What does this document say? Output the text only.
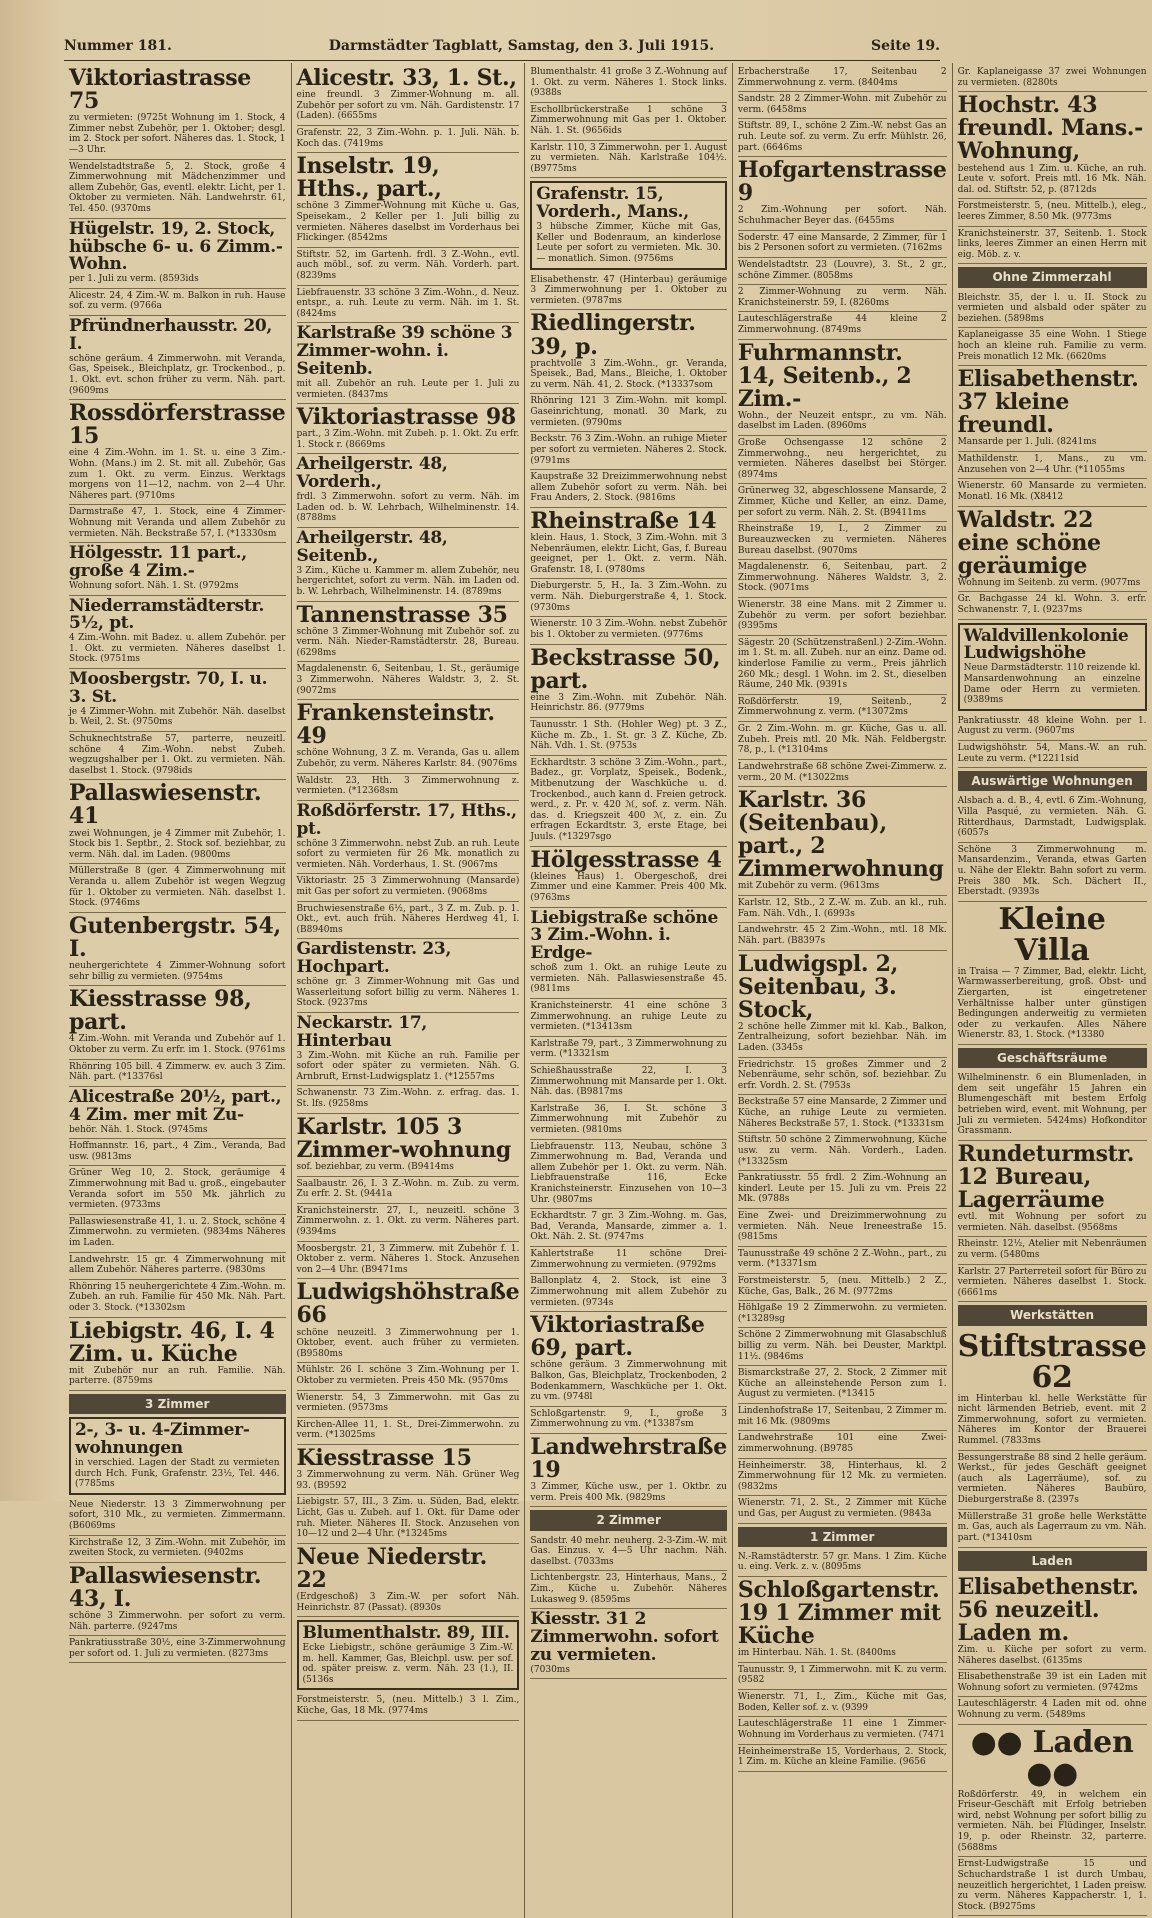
Nummer 181.	Darmstädter Tagblatt, Samstag, den 3. Juli 1915.	Seite 19.
Viktoriastrasse 75
zu vermieten: (9725t Wohnung im 1. Stock, 4 Zimmer nebst Zubehör, per 1. Oktober; desgl. im 2. Stock per sofort. Näheres das. 1. Stock, 1—3 Uhr.
Wendelstadtstraße 5, 2. Stock, große 4 Zimmerwohnung mit Mädchenzimmer und allem Zubehör, Gas, eventl. elektr. Licht, per 1. Oktober zu vermieten. Näh. Landwehrstr. 61, Tel. 450. (9370ms
Hügelstr. 19, 2. Stock, hübsche 6- u. 6 Zimm.-Wohn.
per 1. Juli zu verm. (8593ids
Alicestr. 24, 4 Zim.-W. m. Balkon in ruh. Hause sof. zu verm. (9766a
Pfründnerhausstr. 20, I.
schöne geräum. 4 Zimmerwohn. mit Veranda, Gas, Speisek., Bleichplatz, gr. Trockenbod., p. 1. Okt. evt. schon früher zu verm. Näh. part. (9609ms
Rossdörferstrasse 15
eine 4 Zim.-Wohn. im 1. St. u. eine 3 Zim.-Wohn. (Mans.) im 2. St. mit all. Zubehör, Gas zum 1. Okt. zu verm. Einzus. Werktags morgens von 11—12, nachm. von 2—4 Uhr. Näheres part. (9710ms
Darmstraße 47, 1. Stock, eine 4 Zimmer-Wohnung mit Veranda und allem Zubehör zu vermieten. Näh. Beckstraße 57, I. (*13330sm
Hölgesstr. 11 part., große 4 Zim.-
Wohnung sofort. Näh. 1. St. (9792ms
Niederramstädterstr. 5½, pt.
4 Zim.-Wohn. mit Badez. u. allem Zubehör. per 1. Okt. zu vermieten. Näheres daselbst 1. Stock. (9751ms
Moosbergstr. 70, I. u. 3. St.
je 4 Zimmer-Wohn. mit Zubehör. Näh. daselbst b. Weil, 2. St. (9750ms
Schuknechtstraße 57, parterre, neuzeitl. schöne 4 Zim.-Wohn. nebst Zubeh. wegzugshalber per 1. Okt. zu vermieten. Näh. daselbst 1. Stock. (9798ids
Pallaswiesenstr. 41
zwei Wohnungen, je 4 Zimmer mit Zubehör, 1. Stock bis 1. Septbr., 2. Stock sof. beziehbar, zu verm. Näh. dal. im Laden. (9800ms
Müllerstraße 8 (ger. 4 Zimmerwohnung mit Veranda u. allem Zubehör ist wegen Wegzug für 1. Oktober zu vermieten. Näh. daselbst 1. Stock. (9746ms
Gutenbergstr. 54, I.
neuhergerichtete 4 Zimmer-Wohnung sofort sehr billig zu vermieten. (9754ms
Kiesstrasse 98, part.
4 Zim.-Wohn. mit Veranda und Zubehör auf 1. Oktober zu verm. Zu erfr. im 1. Stock. (9761ms
Rhönring 105 bill. 4 Zimmerw. ev. auch 3 Zim. Näh. part. (*13376sl
Alicestraße 20½, part., 4 Zim. mer mit Zu-
behör. Näh. 1. Stock. (9745ms
Hoffmannstr. 16, part., 4 Zim., Veranda, Bad usw. (9813ms
Grüner Weg 10, 2. Stock, geräumige 4 Zimmerwohnung mit Bad u. groß., eingebauter Veranda sofort im 550 Mk. jährlich zu vermieten. (9733ms
Pallaswiesenstraße 41, 1. u. 2. Stock, schöne 4 Zimmerwohn. zu vermieten. (9834ms Näheres im Laden.
Landwehrstr. 15 gr. 4 Zimmerwohnung mit allem Zubehör. Näheres parterre. (9830ms
Rhönring 15 neuhergerichtete 4 Zim.-Wohn. m. Zubeh. an ruh. Familie für 450 Mk. Näh. Part. oder 3. Stock. (*13302sm
Liebigstr. 46, I. 4 Zim. u. Küche
mit Zubehör nur an ruh. Familie. Näh. parterre. (8759ms
3 Zimmer
2-, 3- u. 4-Zimmer-wohnungen
in verschied. Lagen der Stadt zu vermieten durch Hch. Funk, Grafenstr. 23½, Tel. 446. (7785ms
Neue Niederstr. 13 3 Zimmerwohnung per sofort, 310 Mk., zu vermieten. Zimmermann. (B6069ms
Kirchstraße 12, 3 Zim.-Wohn. mit Zubehör, im zweiten Stock, zu vermieten. (9402ms
Pallaswiesenstr. 43, I.
schöne 3 Zimmerwohn. per sofort zu verm. Näh. parterre. (9247ms
Pankratiusstraße 30½, eine 3-Zimmerwohnung per sofort od. 1. Juli zu vermieten. (8273ms
Alicestr. 33, 1. St.,
eine freundl. 3 Zimmer-Wohnung m. all. Zubehör per sofort zu vm. Näh. Gardistenstr. 17 (Laden). (6655ms
Grafenstr. 22, 3 Zim.-Wohn. p. 1. Juli. Näh. b. Koch das. (7419ms
Inselstr. 19, Hths., part.,
schöne 3 Zimmer-Wohnung mit Küche u. Gas, Speisekam., 2 Keller per 1. Juli billig zu vermieten. Näheres daselbst im Vorderhaus bei Flickinger. (8542ms
Stiftstr. 52, im Gartenh. frdl. 3 Z.-Wohn., evtl. auch möbl., sof. zu verm. Näh. Vorderh. part. (8239ms
Liebfrauenstr. 33 schöne 3 Zim.-Wohn., d. Neuz. entspr., a. ruh. Leute zu verm. Näh. im 1. St. (8424ms
Karlstraße 39 schöne 3 Zimmer-wohn. i. Seitenb.
mit all. Zubehör an ruh. Leute per 1. Juli zu vermieten. (8437ms
Viktoriastrasse 98
part., 3 Zim.-Wohn. mit Zubeh. p. 1. Okt. Zu erfr. 1. Stock r. (8669ms
Arheilgerstr. 48, Vorderh.,
frdl. 3 Zimmerwohn. sofort zu verm. Näh. im Laden od. b. W. Lehrbach, Wilhelminenstr. 14. (8788ms
Arheilgerstr. 48, Seitenb.,
3 Zim., Küche u. Kammer m. allem Zubehör, neu hergerichtet, sofort zu verm. Näh. im Laden od. b. W. Lehrbach, Wilhelminenstr. 14. (8789ms
Tannenstrasse 35
schöne 3 Zimmer-Wohnung mit Zubehör sof. zu verm. Näh. Nieder-Ramstädterstr. 28, Bureau. (6298ms
Magdalenenstr. 6, Seitenbau, 1. St., geräumige 3 Zimmerwohn. Näheres Waldstr. 3, 2. St. (9072ms
Frankensteinstr. 49
schöne Wohnung, 3 Z. m. Veranda, Gas u. allem Zubehör, zu verm. Näheres Karlstr. 84. (9076ms
Waldstr. 23, Hth. 3 Zimmerwohnung z. vermieten. (*12368sm
Roßdörferstr. 17, Hths., pt.
schöne 3 Zimmerwohn. nebst Zub. an ruh. Leute sofort zu vermieten für 26 Mk. monatlich zu vermieten. Näh. Vorderhaus, 1. St. (9067ms
Viktoriastr. 25 3 Zimmerwohnung (Mansarde) mit Gas per sofort zu vermieten. (9068ms
Bruchwiesenstraße 6½, part., 3 Z. m. Zub. p. 1. Okt., evt. auch früh. Näheres Herdweg 41, I. (B8940ms
Gardistenstr. 23, Hochpart.
schöne gr. 3 Zimmer-Wohnung mit Gas und Wasserleitung sofort billig zu verm. Näheres 1. Stock. (9237ms
Neckarstr. 17, Hinterbau
3 Zim.-Wohn. mit Küche an ruh. Familie per sofort oder später zu vermieten. Näh. G. Arnbruft, Ernst-Ludwigsplatz 1. (*12557ms
Schwanenstr. 73 Zim.-Wohn. z. erfrag. das. 1. St. lfs. (9258ms
Karlstr. 105 3 Zimmer-wohnung
sof. beziehbar, zu verm. (B9414ms
Saalbaustr. 26, I. 3 Z.-Wohn. m. Zub. zu verm. Zu erfr. 2. St. (9441a
Kranichsteinerstr. 27, I., neuzeitl. schöne 3 Zimmerwohn. z. 1. Okt. zu verm. Näheres part. (9394ms
Moosbergstr. 21, 3 Zimmerw. mit Zubehör f. 1. Oktober z. verm. Näheres 1. Stock. Anzusehen von 2—4 Uhr. (B9471ms
Ludwigshöhstraße 66
schöne neuzeitl. 3 Zimmerwohnung per 1. Oktober, event. auch früher zu vermieten. (B9580ms
Mühlstr. 26 I. schöne 3 Zim.-Wohnung per 1. Oktober zu vermieten. Preis 450 Mk. (9570ms
Wienerstr. 54, 3 Zimmerwohn. mit Gas zu vermieten. (9573ms
Kirchen-Allee 11, 1. St., Drei-Zimmerwohn. zu verm. (*13025ms
Kiesstrasse 15
3 Zimmerwohnung zu verm. Näh. Grüner Weg 93. (B9592
Liebigstr. 57, III., 3 Zim. u. Süden, Bad, elektr. Licht, Gas u. Zubeh. auf 1. Okt. für Dame oder ruh. Mieter. Näheres II. Stock. Anzusehen von 10—12 und 2—4 Uhr. (*13245ms
Neue Niederstr. 22
(Erdgeschoß) 3 Zim.-W. per sofort Näh. Heinrichstr. 87 (Passat). (8930s
Blumenthalstr. 89, III.
Ecke Liebigstr., schöne geräumige 3 Zim.-W. m. hell. Kammer, Gas, Bleichpl. usw. per sof. od. später preisw. z. verm. Näh. 23 (1.), II. (5136s
Forstmeisterstr. 5, (neu. Mittelb.) 3 l. Zim., Küche, Gas, 18 Mk. (9774ms
Blumenthalstr. 41 große 3 Z.-Wohnung auf 1. Okt. zu verm. Näheres 1. Stock links. (9388s
Eschollbrückerstraße 1 schöne 3 Zimmerwohnung mit Gas per 1. Oktober. Näh. 1. St. (9656ids
Karlstr. 110, 3 Zimmerwohn. per 1. August zu vermieten. Näh. Karlstraße 104½. (B9775ms
Grafenstr. 15, Vorderh., Mans.,
3 hübsche Zimmer, Küche mit Gas, Keller und Bodenraum, an kinderlose Leute per sofort zu vermieten. Mk. 30.— monatlich. Simon. (9756ms
Elisabethenstr. 47 (Hinterbau) geräumige 3 Zimmerwohnung per 1. Oktober zu vermieten. (9787ms
Riedlingerstr. 39, p.
prachtvolle 3 Zim.-Wohn., gr. Veranda, Speisek., Bad, Mans., Bleiche, 1. Oktober zu verm. Näh. 41, 2. Stock. (*13337som
Rhönring 121 3 Zim.-Wohn. mit kompl. Gaseinrichtung, monatl. 30 Mark, zu vermieten. (9790ms
Beckstr. 76 3 Zim.-Wohn. an ruhige Mieter per sofort zu vermieten. Näheres 2. Stock. (9791ms
Kaupstraße 32 Dreizimmerwohnung nebst allem Zubehör sofort zu verm. Näh. bei Frau Anders, 2. Stock. (9816ms
Rheinstraße 14
klein. Haus, 1. Stock, 3 Zim.-Wohn. mit 3 Nebenräumen, elektr. Licht, Gas, f. Bureau geeignet, per 1. Okt. z. verm. Näh. Grafenstr. 18, I. (9780ms
Dieburgerstr. 5, H., Ia. 3 Zim.-Wohn. zu verm. Näh. Dieburgerstraße 4, 1. Stock. (9730ms
Wienerstr. 10 3 Zim.-Wohn. nebst Zubehör bis 1. Oktober zu vermieten. (9776ms
Beckstrasse 50, part.
eine 3 Zim.-Wohn. mit Zubehör. Näh. Heinrichstr. 86. (9779ms
Taunusstr. 1 Sth. (Hohler Weg) pt. 3 Z., Küche m. Zb., 1. St. gr. 3 Z. Küche, Zb. Näh. Vdh. 1. St. (9753s
Eckhardtstr. 3 schöne 3 Zim.-Wohn., part., Badez., gr. Vorplatz, Speisek., Bodenk., Mitbenutzung der Waschküche u. d. Trockenbod., auch kann d. Freien getrock. werd., z. Pr. v. 420 ℳ, sof. z. verm. Näh. das. d. Kriegszeit 400 ℳ, z. ein. Zu erfragen Eckardtstr. 3, erste Etage, bei Juuls. (*13297sgo
Hölgesstrasse 4
(kleines Haus) 1. Obergeschoß, drei Zimmer und eine Kammer. Preis 400 Mk. (9763ms
Liebigstraße schöne 3 Zim.-Wohn. i. Erdge-
schoß zum 1. Okt. an ruhige Leute zu vermieten. Näh. Pallaswiesenstraße 45. (9811ms
Kranichsteinerstr. 41 eine schöne 3 Zimmerwohnung. an ruhige Leute zu vermieten. (*13413sm
Karlstraße 79, part., 3 Zimmerwohnung zu verm. (*13321sm
Schießhausstraße 22, I. 3 Zimmerwohnung mit Mansarde per 1. Okt. Näh. das. (B9817ms
Karlstraße 36, I. St. schöne 3 Zimmerwohnung mit Zubehör zu vermieten. (9810ms
Liebfrauenstr. 113, Neubau, schöne 3 Zimmerwohnung m. Bad, Veranda und allem Zubehör per 1. Okt. zu verm. Näh. Liebfrauenstraße 116, Ecke Kranichsteinerstr. Einzusehen von 10—3 Uhr. (9807ms
Eckhardtstr. 7 gr. 3 Zim.-Wohng. m. Gas, Bad, Veranda, Mansarde, zimmer a. 1. Okt. Näh. 2. St. (9747ms
Kahlertstraße 11 schöne Drei-Zimmerwohnung zu vermieten. (9792ms
Ballonplatz 4, 2. Stock, ist eine 3 Zimmerwohnung mit allem Zubehör zu vermieten. (9734s
Viktoriastraße 69, part.
schöne geräum. 3 Zimmerwohnung mit Balkon, Gas, Bleichplatz, Trockenboden, 2 Bodenkammern, Waschküche per 1. Okt. zu vm. (9748l
Schloßgartenstr. 9, I., große 3 Zimmerwohnung zu vm. (*13387sm
Landwehrstraße 19
3 Zimmer, Küche usw., per 1. Oktbr. zu verm. Preis 400 Mk. (9829ms
2 Zimmer
Sandstr. 40 mehr. neuherg. 2-3-Zim.-W. mit Gas. Einzus. v. 4—5 Uhr nachm. Näh. daselbst. (7033ms
Lichtenbergstr. 23, Hinterhaus, Mans., 2 Zim., Küche u. Zubehör. Näheres Lukasweg 9. (8595ms
Kiesstr. 31 2 Zimmerwohn. sofort zu vermieten.
(7030ms
Erbacherstraße 17, Seitenbau 2 Zimmerwohnung z. verm. (8404ms
Sandstr. 28 2 Zimmer-Wohn. mit Zubehör zu verm. (6458ms
Stiftstr. 89, I., schöne 2 Zim.-W. nebst Gas an ruh. Leute sof. zu verm. Zu erfr. Mühlstr. 26, part. (6646ms
Hofgartenstrasse 9
2 Zim.-Wohnung per sofort. Näh. Schuhmacher Beyer das. (6455ms
Soderstr. 47 eine Mansarde, 2 Zimmer, für 1 bis 2 Personen sofort zu vermieten. (7162ms
Wendelstadtstr. 23 (Louvre), 3. St., 2 gr., schöne Zimmer. (8058ms
2 Zimmer-Wohnung zu verm. Näh. Kranichsteinerstr. 59, I. (8260ms
Lauteschlägerstraße 44 kleine 2 Zimmerwohnung. (8749ms
Fuhrmannstr. 14, Seitenb., 2 Zim.-
Wohn., der Neuzeit entspr., zu vm. Näh. daselbst im Laden. (8960ms
Große Ochsengasse 12 schöne 2 Zimmerwohng., neu hergerichtet, zu vermieten. Näheres daselbst bei Störger. (8974ms
Grünerweg 32, abgeschlossene Mansarde, 2 Zimmer, Küche und Keller, an einz. Dame, per sofort zu verm. Näh. 2. St. (B9411ms
Rheinstraße 19, I., 2 Zimmer zu Bureauzwecken zu vermieten. Näheres Bureau daselbst. (9070ms
Magdalenenstr. 6, Seitenbau, part. 2 Zimmerwohnung. Näheres Waldstr. 3, 2. Stock. (9071ms
Wienerstr. 38 eine Mans. mit 2 Zimmer u. Zubehör zu verm. per sofort beziehbar. (9395ms
Sägestr. 20 (Schützenstraßenl.) 2-Zim.-Wohn. im 1. St. m. all. Zubeh. nur an einz. Dame od. kinderlose Familie zu verm., Preis jährlich 260 Mk.; desgl. 1 Wohn. im 2. St., dieselben Räume, 240 Mk. (9391s
Roßdörferstr. 19, Seitenb., 2 Zimmerwohnung z. verm. (*13072ms
Gr. 2 Zim.-Wohn. m. gr. Küche, Gas u. all. Zubeh. Preis mtl. 20 Mk. Näh. Feldbergstr. 78, p., l. (*13104ms
Landwehrstraße 68 schöne Zwei-Zimmerw. z. verm., 20 M. (*13022ms
Karlstr. 36 (Seitenbau), part., 2 Zimmerwohnung
mit Zubehör zu verm. (9613ms
Karlstr. 12, Stb., 2 Z.-W. m. Zub. an kl., ruh. Fam. Näh. Vdh., I. (6993s
Landwehrstr. 45 2 Zim.-Wohn., mtl. 18 Mk. Näh. part. (B8397s
Ludwigspl. 2, Seitenbau, 3. Stock,
2 schöne helle Zimmer mit kl. Kab., Balkon, Zentralheizung, sofort beziehbar. Näh. im Laden. (3345s
Friedrichstr. 15 großes Zimmer und 2 Nebenräume, sehr schön, sof. beziehbar. Zu erfr. Vordh. 2. St. (7953s
Beckstraße 57 eine Mansarde, 2 Zimmer und Küche, an ruhige Leute zu vermieten. Näheres Beckstraße 57, 1. Stock. (*13331sm
Stiftstr. 50 schöne 2 Zimmerwohnung, Küche usw. zu verm. Näh. Vorderh., Laden. (*13325sm
Pankratiusstr. 55 frdl. 2 Zim.-Wohnung an kinderl. Leute per 15. Juli zu vm. Preis 22 Mk. (9788s
Eine Zwei- und Dreizimmerwohnung zu vermieten. Näh. Neue Ireneestraße 15. (9815ms
Taunusstraße 49 schöne 2 Z.-Wohn., part., zu verm. (*13371sm
Forstmeisterstr. 5, (neu. Mittelb.) 2 Z., Küche, Gas, Balk., 26 M. (9772ms
Höhlgaße 19 2 Zimmerwohn. zu vermieten. (*13289sg
Schöne 2 Zimmerwohnung mit Glasabschluß billig zu verm. Näh. bei Deuster, Marktpl. 11½. (9846ms
Bismarckstraße 27, 2. Stock, 2 Zimmer mit Küche an alleinstehende Person zum 1. August zu vermieten. (*13415
Lindenhofstraße 17, Seitenbau, 2 Zimmer m. mit 16 Mk. (9809ms
Landwehrstraße 101 eine Zwei-zimmerwohnung. (B9785
Heinheimerstr. 38, Hinterhaus, kl. 2 Zimmerwohnung für 12 Mk. zu vermieten. (9832ms
Wienerstr. 71, 2. St., 2 Zimmer mit Küche und Gas, per August zu vermieten. (9843a
1 Zimmer
N.-Ramstädterstr. 57 gr. Mans. 1 Zim. Küche u. eing. Verk. z. v. (8095ms
Schloßgartenstr. 19 1 Zimmer mit Küche
im Hinterbau. Näh. 1. St. (8400ms
Taunusstr. 9, 1 Zimmerwohn. mit K. zu verm. (9582
Wienerstr. 71, I., Zim., Küche mit Gas, Boden, Keller sof. z. v. (9399
Lauteschlägerstraße 11 eine 1 Zimmer-Wohnung im Vorderhaus zu vermieten. (7471
Heinheimerstraße 15, Vorderhaus, 2. Stock, 1 Zim. m. Küche an kleine Familie. (9656
Gr. Kaplaneigasse 37 zwei Wohnungen zu vermieten. (8280ts
Hochstr. 43 freundl. Mans.-Wohnung,
bestehend aus 1 Zim. u. Küche, an ruh. Leute v. sofort. Preis mtl. 16 Mk. Näh. dal. od. Stiftstr. 52, p. (8712ds
Forstmeisterstr. 5, (neu. Mittelb.), eleg., leeres Zimmer, 8.50 Mk. (9773ms
Kranichsteinerstr. 37, Seitenb. 1. Stock links, leeres Zimmer an einen Herrn mit eig. Möb. z. v.
Ohne Zimmerzahl
Bleichstr. 35, der l. u. II. Stock zu vermieten und alsbald oder später zu beziehen. (5898ms
Kaplaneigasse 35 eine Wohn. 1 Stiege hoch an kleine ruh. Familie zu verm. Preis monatlich 12 Mk. (6620ms
Elisabethenstr. 37 kleine freundl.
Mansarde per 1. Juli. (8241ms
Mathildenstr. 1, Mans., zu vm. Anzusehen von 2—4 Uhr. (*11055ms
Wienerstr. 60 Mansarde zu vermieten. Monatl. 16 Mk. (X8412
Waldstr. 22 eine schöne geräumige
Wohnung im Seitenb. zu verm. (9077ms
Gr. Bachgasse 24 kl. Wohn. 3. erfr. Schwanenstr. 7, I. (9237ms
Waldvillenkolonie Ludwigshöhe
Neue Darmstädterstr. 110 reizende kl. Mansardenwohnung an einzelne Dame oder Herrn zu vermieten. (9389ms
Pankratiusstr. 48 kleine Wohn. per 1. August zu verm. (9607ms
Ludwigshöhstr. 54, Mans.-W. an ruh. Leute zu verm. (*12211sid
Auswärtige Wohnungen
Alsbach a. d. B., 4, evtl. 6 Zim.-Wohnung, Villa Pasqué, zu vermieten. Näh. G. Ritterdhaus, Darmstadt, Ludwigsplak. (6057s
Schöne 3 Zimmerwohnung m. Mansardenzim., Veranda, etwas Garten u. Nähe der Elektr. Bahn sofort zu verm. Preis 380 Mk. Sch. Dächert II., Eberstadt. (9393s
Kleine Villa
in Traisa — 7 Zimmer, Bad, elektr. Licht, Warmwasserbereitung, groß. Obst- und Ziergarten, ist eingetretener Verhältnisse halber unter günstigen Bedingungen anderweitig zu vermieten oder zu verkaufen. Alles Nähere Wienerstr. 83, 1. Stock. (*13380
Geschäftsräume
Wilhelminenstr. 6 ein Blumenladen, in dem seit ungefähr 15 Jahren ein Blumengeschäft mit bestem Erfolg betrieben wird, event. mit Wohnung, per Juli zu vermieten. 5424ms) Hofkonditor Grassmann.
Rundeturmstr. 12 Bureau, Lagerräume
evtl. mit Wohnung per sofort zu vermieten. Näh. daselbst. (9568ms
Rheinstr. 12½, Atelier mit Nebenräumen zu verm. (5480ms
Karlstr. 27 Parterreteil sofort für Büro zu vermieten. Näheres daselbst 1. Stock. (6661ms
Werkstätten
Stiftstrasse 62
im Hinterbau kl. helle Werkstätte für nicht lärmenden Betrieb, event. mit 2 Zimmerwohnung, sofort zu vermieten. Näheres im Kontor der Brauerei Rummel. (7833ms
Bessungerstraße 88 sind 2 helle geräum. Werkst., für jedes Geschäft geeignet (auch als Lagerräume), sof. zu vermieten. Näheres Baubüro, Dieburgerstraße 8. (2397s
Müllerstraße 31 große helle Werkstätte m. Gas, auch als Lagerraum zu vm. Näh. part. (*13410sm
Laden
Elisabethenstr. 56 neuzeitl. Laden m.
Zim. u. Küche per sofort zu verm. Näheres daselbst. (6135ms
Elisabethenstraße 39 ist ein Laden mit Wohnung sofort zu vermieten. (9742ms
Lauteschlägerstr. 4 Laden mit od. ohne Wohnung zu verm. (5489ms
●● Laden ●●
Roßdörferstr. 49, in welchem ein Friseur-Geschäft mit Erfolg betrieben wird, nebst Wohnung per sofort billig zu vermieten. Näh. bei Flüdinger, Inselstr. 19, p. oder Rheinstr. 32, parterre. (5688ms
Ernst-Ludwigstraße 15 und Schuchardstraße 1 ist durch Umbau, neuzeitlich hergerichtet, 1 Laden preisw. zu verm. Näheres Kappacherstr. 1, 1. Stock. (B9275ms
